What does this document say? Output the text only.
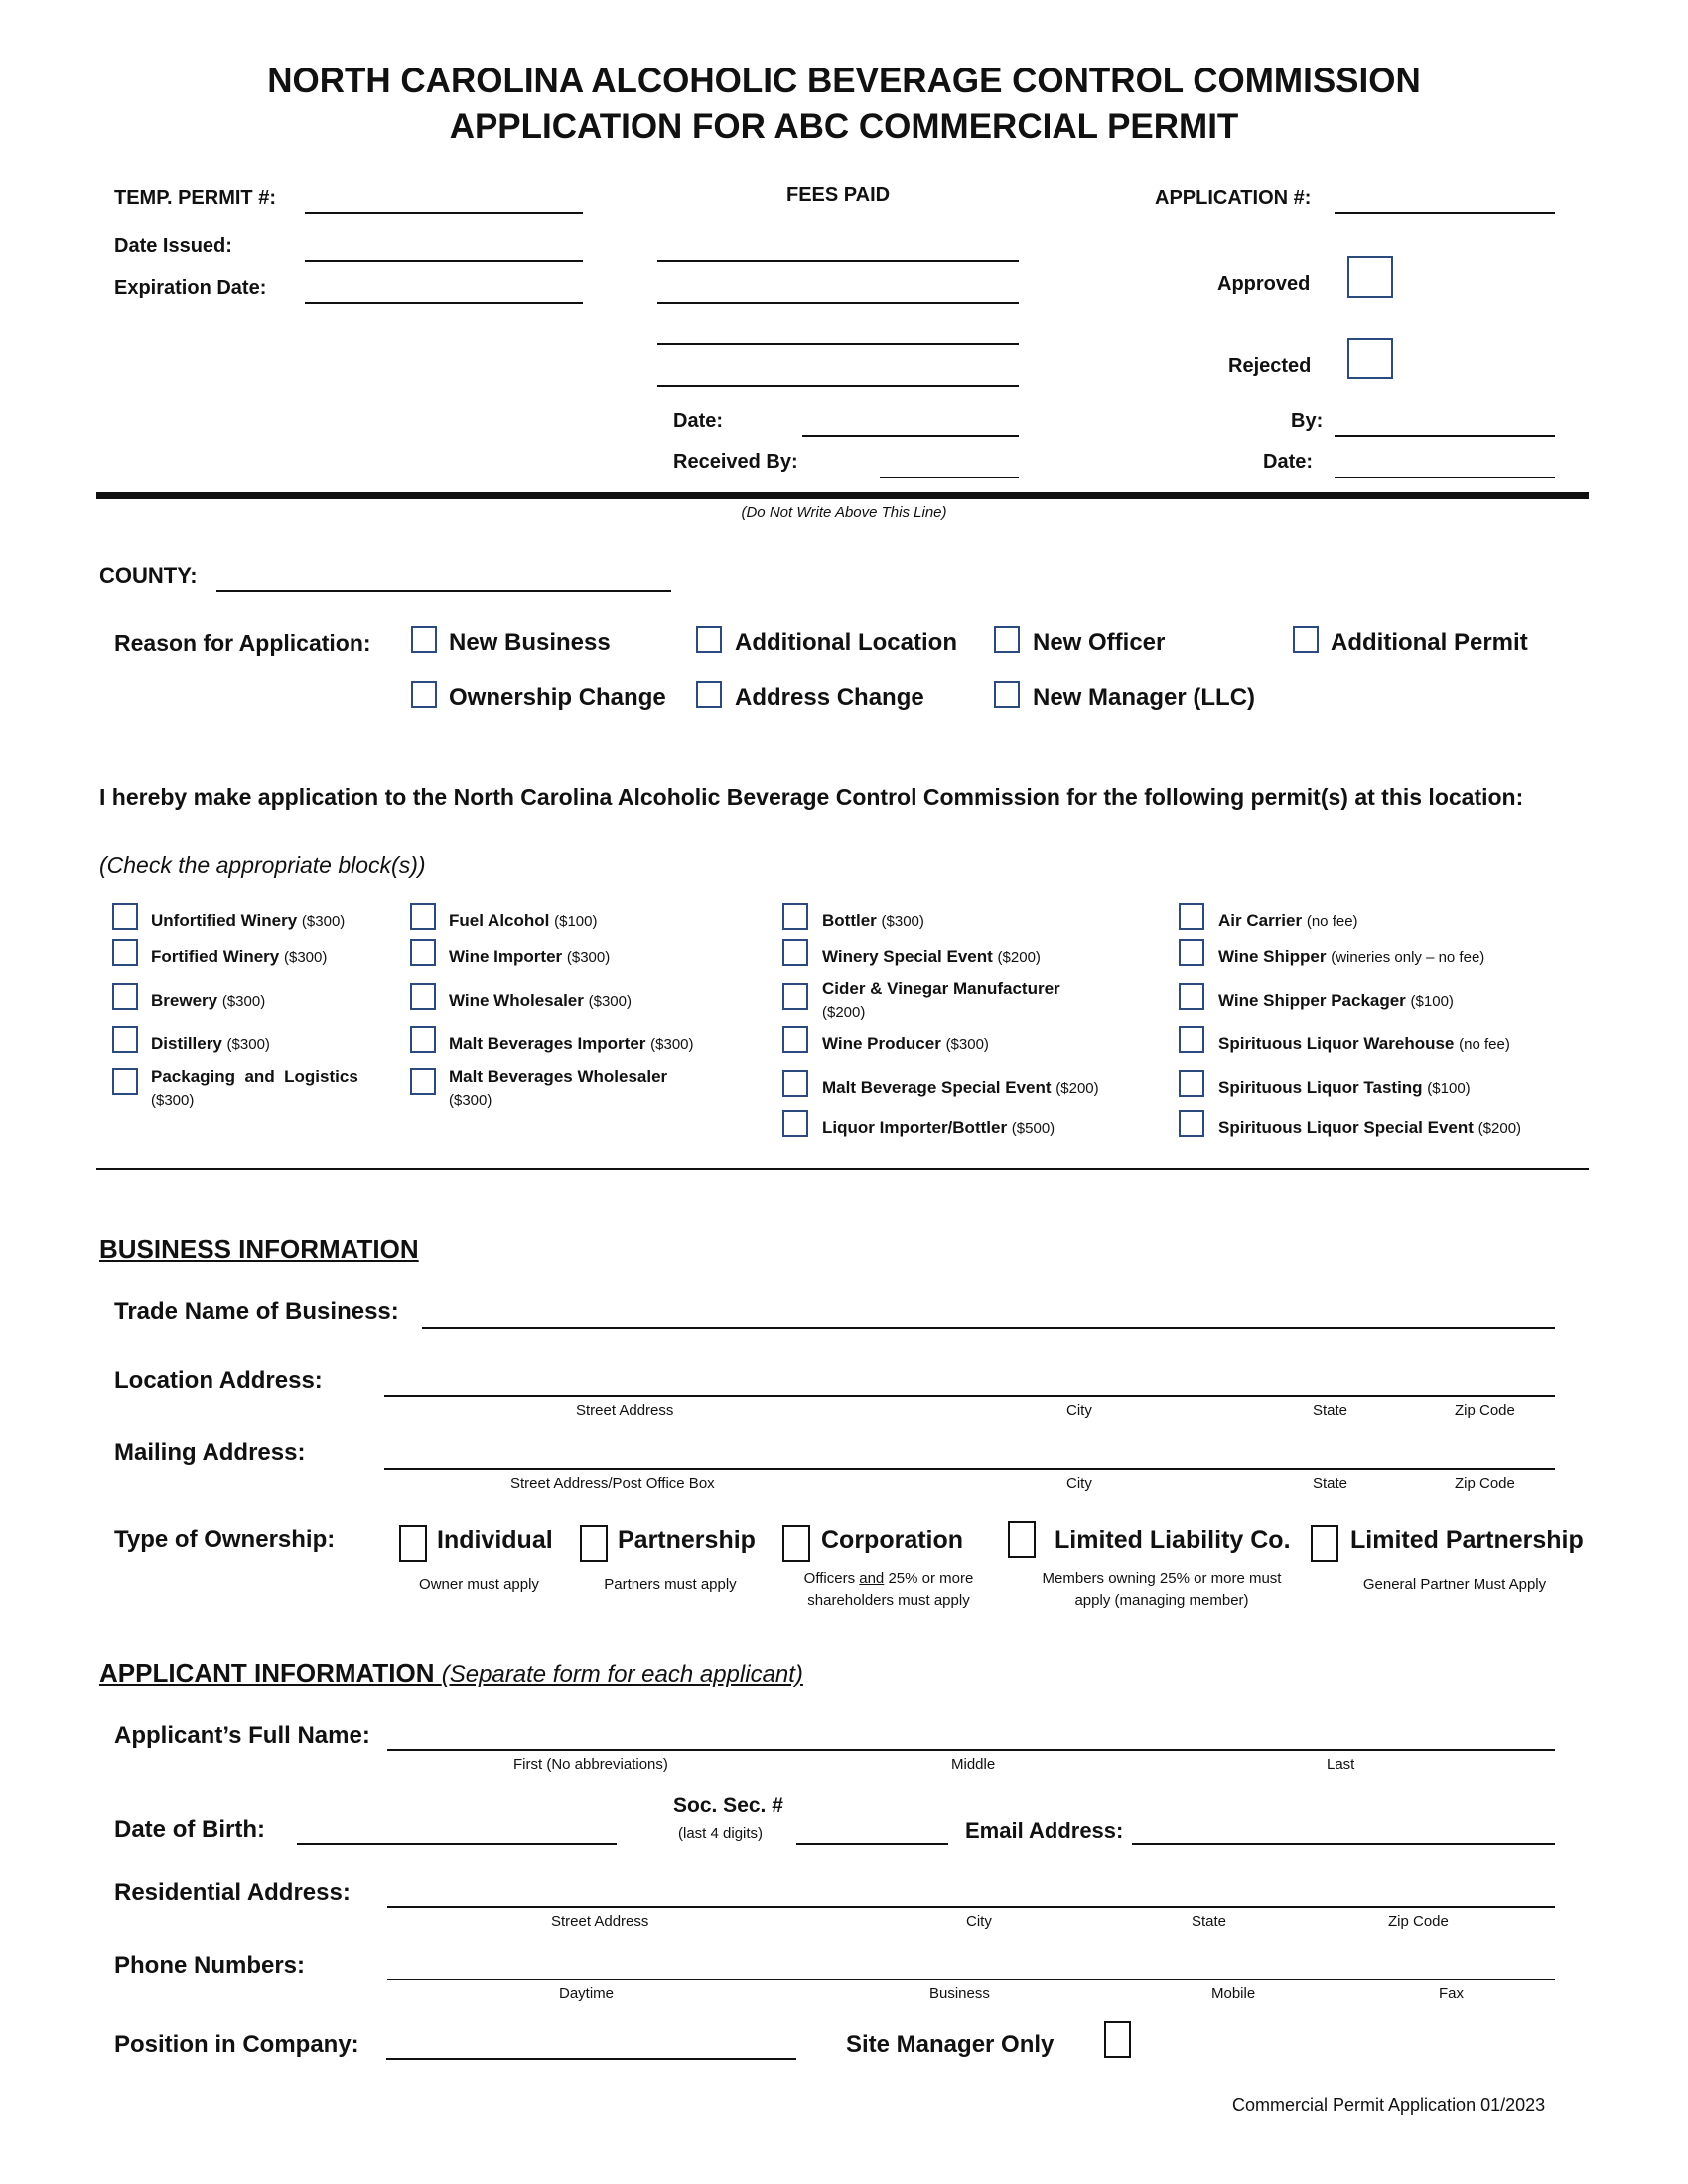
NORTH CAROLINA ALCOHOLIC BEVERAGE CONTROL COMMISSION
APPLICATION FOR ABC COMMERCIAL PERMIT
TEMP. PERMIT #:
Date Issued:
Expiration Date:
FEES PAID
Date:
Received By:
APPLICATION #:
Approved
Rejected
By:
Date:
(Do Not Write Above This Line)
COUNTY:
Reason for Application:	New Business	Additional Location	New Officer	Additional Permit
Ownership Change	Address Change	New Manager (LLC)
I hereby make application to the North Carolina Alcoholic Beverage Control Commission for the following permit(s) at this location:
(Check the appropriate block(s))
Unfortified Winery ($300)
Fortified Winery ($300)
Brewery ($300)
Distillery ($300)
Packaging  and  Logistics
($300)
Fuel Alcohol ($100)
Wine Importer ($300)
Wine Wholesaler ($300)
Malt Beverages Importer ($300)
Malt Beverages Wholesaler
($300)
Bottler ($300)
Winery Special Event ($200)
Cider & Vinegar Manufacturer
($200)
Wine Producer ($300)
Malt Beverage Special Event ($200)
Liquor Importer/Bottler ($500)
Air Carrier (no fee)
Wine Shipper (wineries only – no fee)
Wine Shipper Packager ($100)
Spirituous Liquor Warehouse (no fee)
Spirituous Liquor Tasting ($100)
Spirituous Liquor Special Event ($200)
BUSINESS INFORMATION
Trade Name of Business:
Location Address:
Street Address	City	State	Zip Code
Mailing Address:
Street Address/Post Office Box	City	State	Zip Code
Type of Ownership:	Individual
Owner must apply
Partnership
Partners must apply
Corporation
Officers and 25% or more shareholders must apply
Limited Liability Co.
Members owning 25% or more must apply (managing member)
Limited Partnership
General Partner Must Apply
APPLICANT INFORMATION (Separate form for each applicant)
Applicant’s Full Name:
First (No abbreviations)	Middle	Last
Date of Birth:
Soc. Sec. #
(last 4 digits)	Email Address:
Residential Address:
Street Address	City	State	Zip Code
Phone Numbers:
Daytime	Business	Mobile	Fax
Position in Company:	Site Manager Only
Commercial Permit Application 01/2023
